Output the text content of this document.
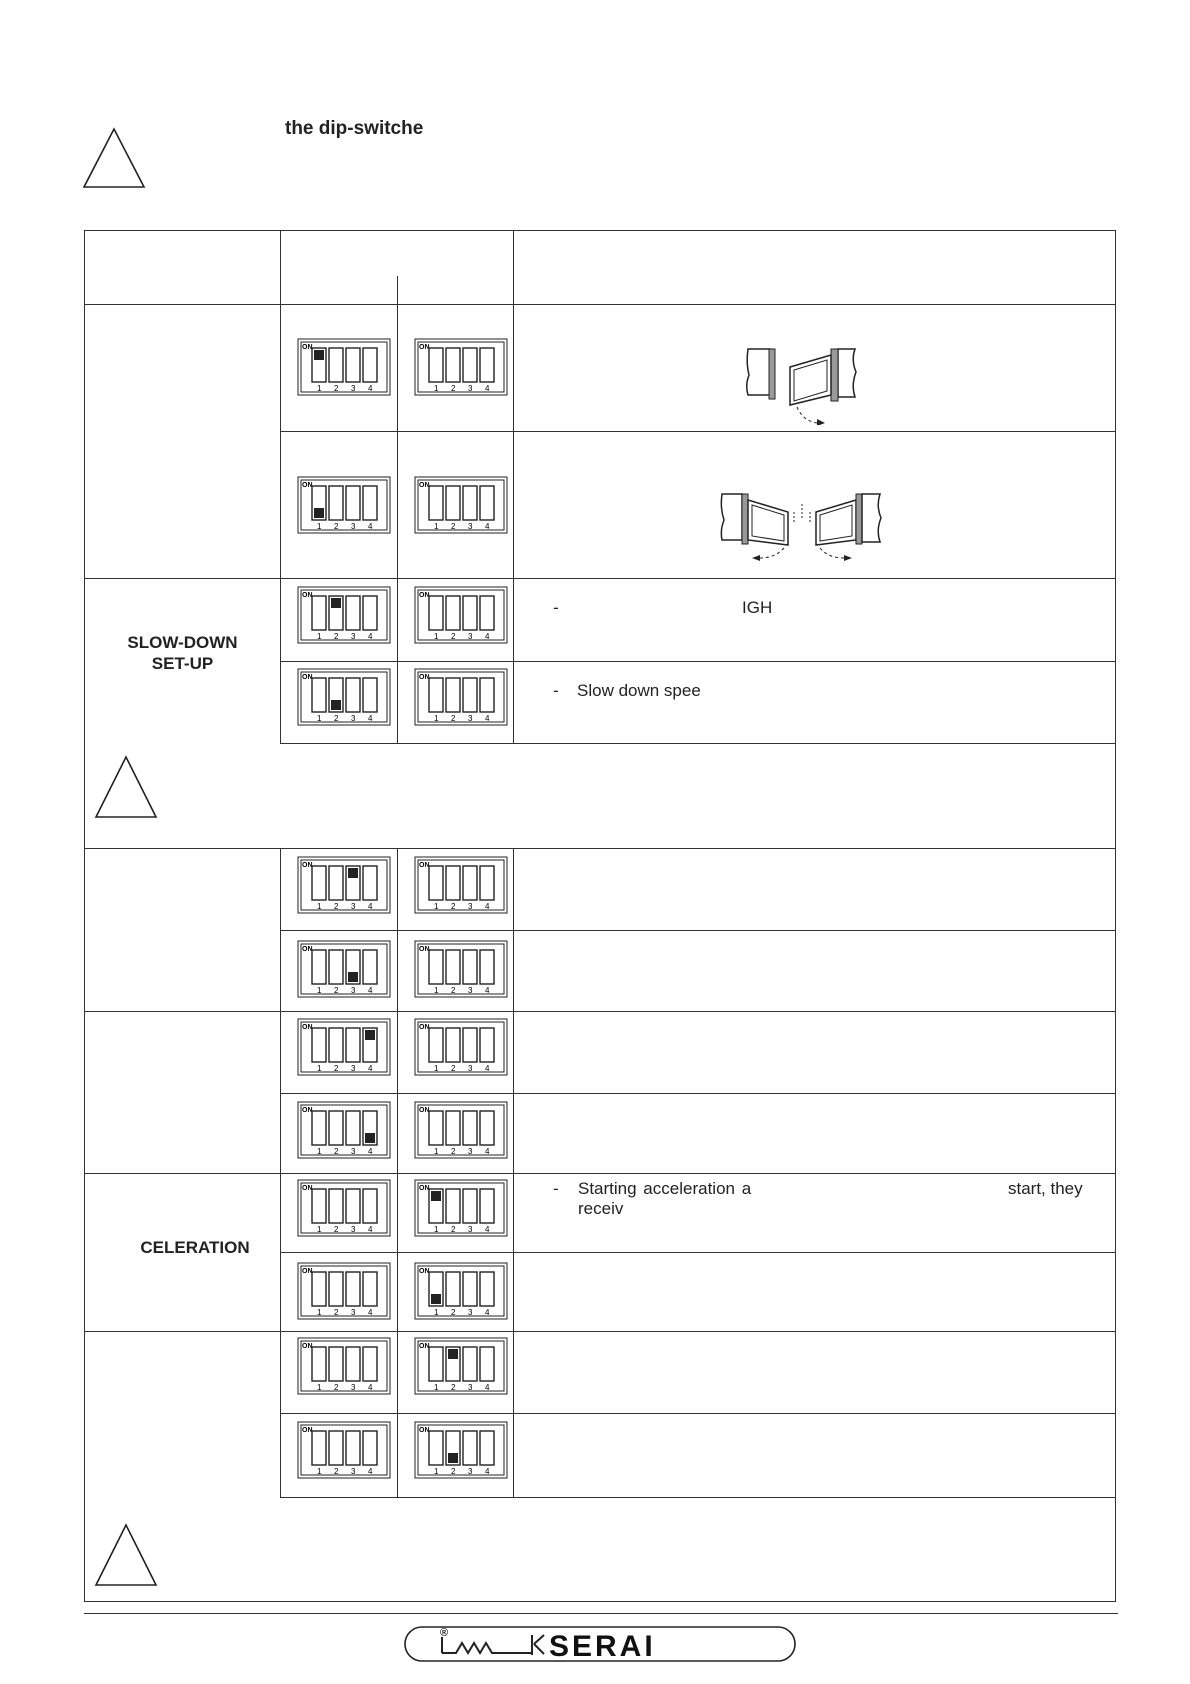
the dip-switche
SLOW-DOWN
SET-UP
CELERATION
-	IGH
- Slow down spee
- Starting acceleration a	start, they
receiv
ON
1 2 3 4
ON
1 2 3 4
ON
1 2 3 4
ON
1 2 3 4
ON
1 2 3 4
ON
1 2 3 4
ON
1 2 3 4
ON
1 2 3 4
ON
1 2 3 4
ON
1 2 3 4
ON
1 2 3 4
ON
1 2 3 4
ON
1 2 3 4
ON
1 2 3 4
ON
1 2 3 4
ON
1 2 3 4
ON
1 2 3 4
ON
1 2 3 4
ON
1 2 3 4
ON
1 2 3 4
ON
1 2 3 4
ON
1 2 3 4
ON
1 2 3 4
ON
1 2 3 4
SERAI
®
